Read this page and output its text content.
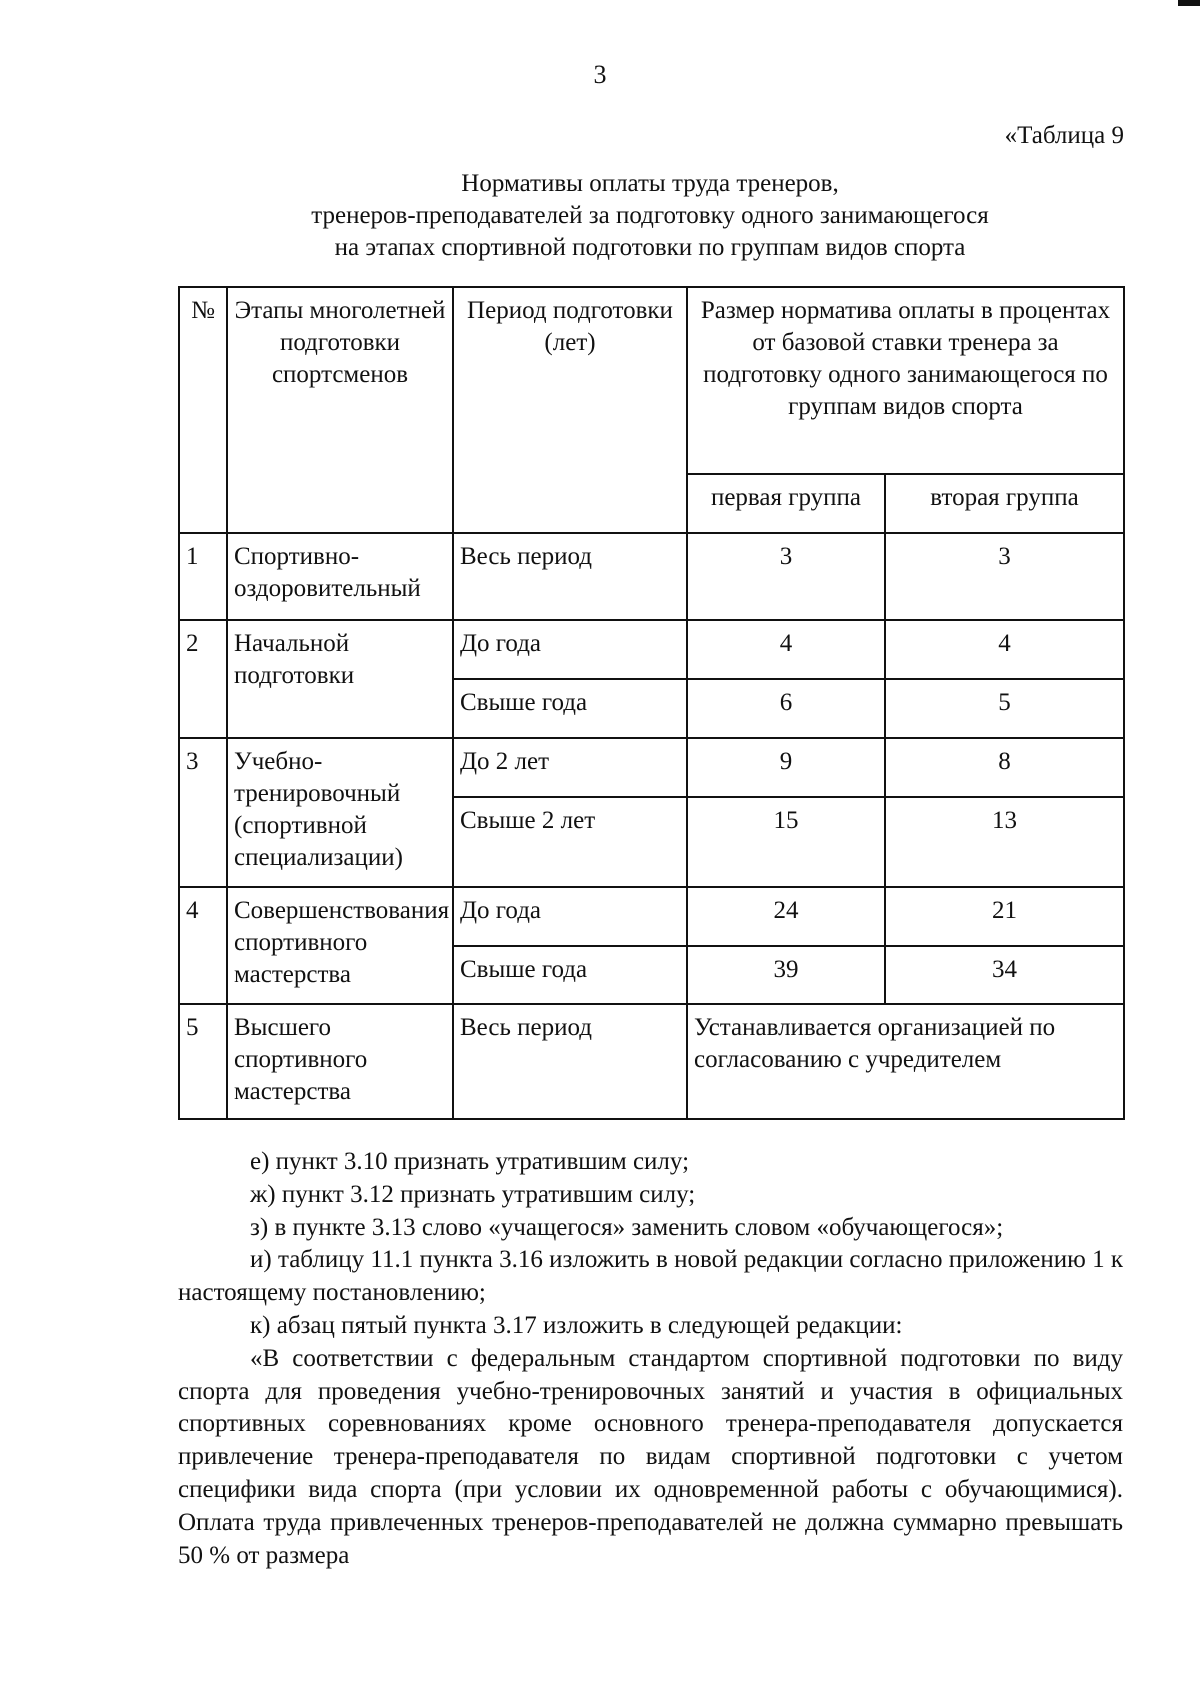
3
«Таблица 9
Нормативы оплаты труда тренеров,
тренеров-преподавателей за подготовку одного занимающегося
на этапах спортивной подготовки по группам видов спорта
№	Этапы многолетней подготовки спортсменов	Период подготовки (лет)	Размер норматива оплаты в процентах от базовой ставки тренера за подготовку одного занимающегося по группам видов спорта	
			первая группа	вторая группа
1	Спортивно-оздоровительный	Весь период	3	3
2	Начальной подготовки	До года	4	4
		Свыше года	6	5
3	Учебно-тренировочный (спортивной специализации)	До 2 лет	9	8
		Свыше 2 лет	15	13
4	Совершенствования спортивного мастерства	До года	24	21
		Свыше года	39	34
5	Высшего спортивного мастерства	Весь период	Устанавливается организацией по согласованию с учредителем	

е) пункт 3.10 признать утратившим силу;

ж) пункт 3.12 признать утратившим силу;

з) в пункте 3.13 слово «учащегося» заменить словом «обучающегося»;

и) таблицу 11.1 пункта 3.16 изложить в новой редакции согласно приложению 1 к настоящему постановлению;

к) абзац пятый пункта 3.17 изложить в следующей редакции:

«В соответствии с федеральным стандартом спортивной подготовки по виду спорта для проведения учебно-тренировочных занятий и участия в официальных спортивных соревнованиях кроме основного тренера-преподавателя допускается привлечение тренера-преподавателя по видам спортивной подготовки с учетом специфики вида спорта (при условии их одновременной работы с обучающимися). Оплата труда привлеченных тренеров-преподавателей не должна суммарно превышать 50 % от размера
